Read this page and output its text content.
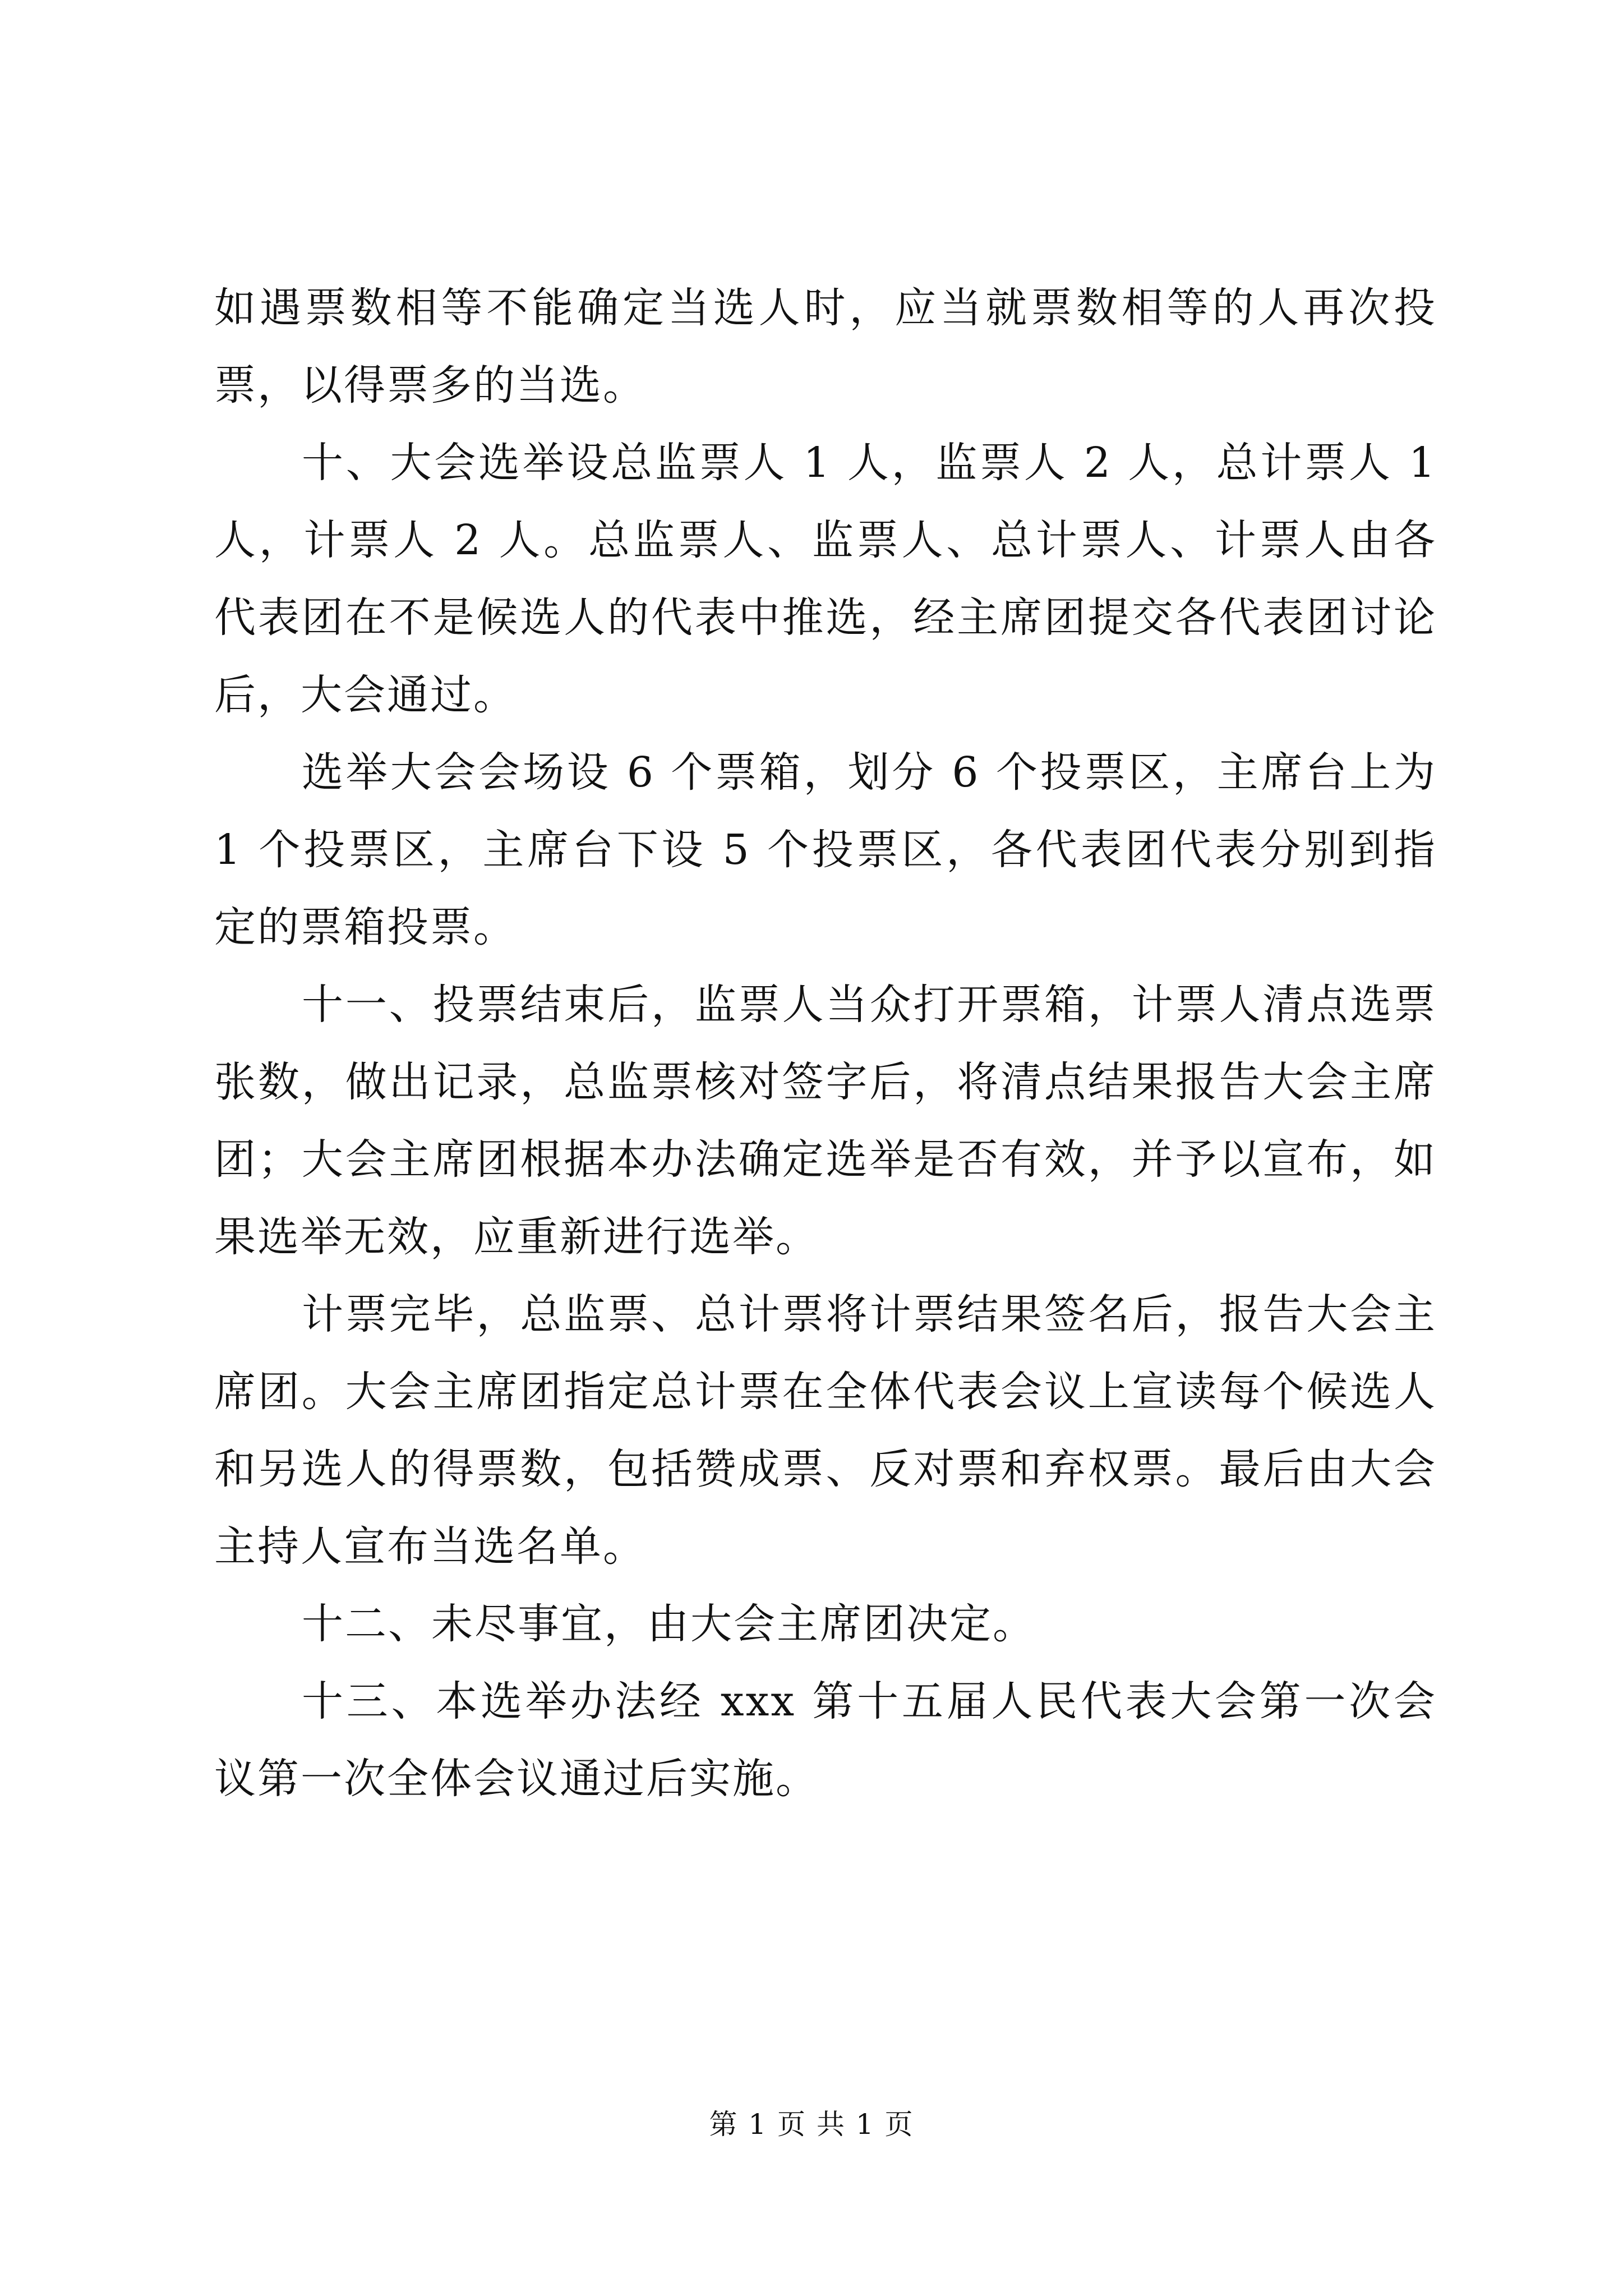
如遇票数相等不能确定当选人时，应当就票数相等的人再次投票，以得票多的当选。

十、大会选举设总监票人 1 人，监票人 2 人，总计票人 1 人，计票人 2 人。总监票人、监票人、总计票人、计票人由各代表团在不是候选人的代表中推选，经主席团提交各代表团讨论后，大会通过。

选举大会会场设 6 个票箱，划分 6 个投票区，主席台上为 1 个投票区，主席台下设 5 个投票区，各代表团代表分别到指定的票箱投票。

十一、投票结束后，监票人当众打开票箱，计票人清点选票张数，做出记录，总监票核对签字后，将清点结果报告大会主席团；大会主席团根据本办法确定选举是否有效，并予以宣布，如果选举无效，应重新进行选举。

计票完毕，总监票、总计票将计票结果签名后，报告大会主席团。大会主席团指定总计票在全体代表会议上宣读每个候选人和另选人的得票数，包括赞成票、反对票和弃权票。最后由大会主持人宣布当选名单。

十二、未尽事宜，由大会主席团决定。

十三、本选举办法经 xxx 第十五届人民代表大会第一次会议第一次全体会议通过后实施。

第 1 页 共 1 页
